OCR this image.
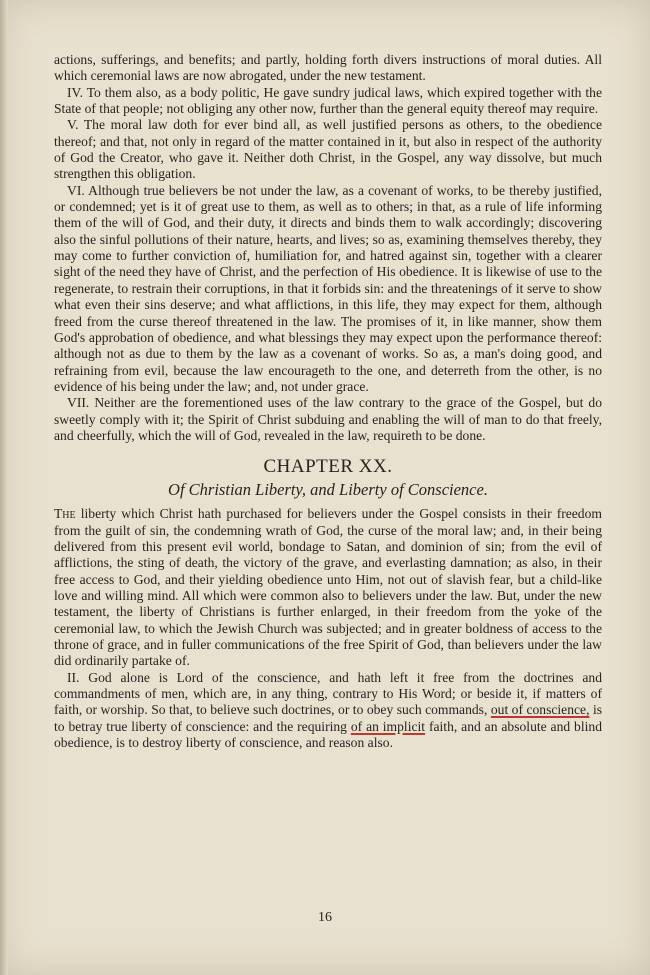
actions, sufferings, and benefits; and partly, holding forth divers instructions of moral duties. All which ceremonial laws are now abrogated, under the new testament.

IV. To them also, as a body politic, He gave sundry judical laws, which expired together with the State of that people; not obliging any other now, further than the general equity thereof may require.

V. The moral law doth for ever bind all, as well justified persons as others, to the obedience thereof; and that, not only in regard of the matter contained in it, but also in respect of the authority of God the Creator, who gave it. Neither doth Christ, in the Gospel, any way dissolve, but much strengthen this obligation.

VI. Although true believers be not under the law, as a covenant of works, to be thereby justified, or condemned; yet is it of great use to them, as well as to others; in that, as a rule of life informing them of the will of God, and their duty, it directs and binds them to walk accordingly; discovering also the sinful pollutions of their nature, hearts, and lives; so as, examining themselves thereby, they may come to further conviction of, humiliation for, and hatred against sin, together with a clearer sight of the need they have of Christ, and the perfection of His obedience. It is likewise of use to the regenerate, to restrain their corruptions, in that it forbids sin: and the threatenings of it serve to show what even their sins deserve; and what afflictions, in this life, they may expect for them, although freed from the curse thereof threatened in the law. The promises of it, in like manner, show them God's approbation of obedience, and what blessings they may expect upon the performance thereof: although not as due to them by the law as a covenant of works. So as, a man's doing good, and refraining from evil, because the law encourageth to the one, and deterreth from the other, is no evidence of his being under the law; and, not under grace.

VII. Neither are the forementioned uses of the law contrary to the grace of the Gospel, but do sweetly comply with it; the Spirit of Christ subduing and enabling the will of man to do that freely, and cheerfully, which the will of God, revealed in the law, requireth to be done.

CHAPTER XX.
Of Christian Liberty, and Liberty of Conscience.

The liberty which Christ hath purchased for believers under the Gospel consists in their freedom from the guilt of sin, the condemning wrath of God, the curse of the moral law; and, in their being delivered from this present evil world, bondage to Satan, and dominion of sin; from the evil of afflictions, the sting of death, the victory of the grave, and everlasting damnation; as also, in their free access to God, and their yielding obedience unto Him, not out of slavish fear, but a child-like love and willing mind. All which were common also to believers under the law. But, under the new testament, the liberty of Christians is further enlarged, in their freedom from the yoke of the ceremonial law, to which the Jewish Church was subjected; and in greater boldness of access to the throne of grace, and in fuller communications of the free Spirit of God, than believers under the law did ordinarily partake of.

II. God alone is Lord of the conscience, and hath left it free from the doctrines and commandments of men, which are, in any thing, contrary to His Word; or beside it, if matters of faith, or worship. So that, to believe such doctrines, or to obey such commands, out of conscience, is to betray true liberty of conscience: and the requiring of an implicit faith, and an absolute and blind obedience, is to destroy liberty of conscience, and reason also.

16
